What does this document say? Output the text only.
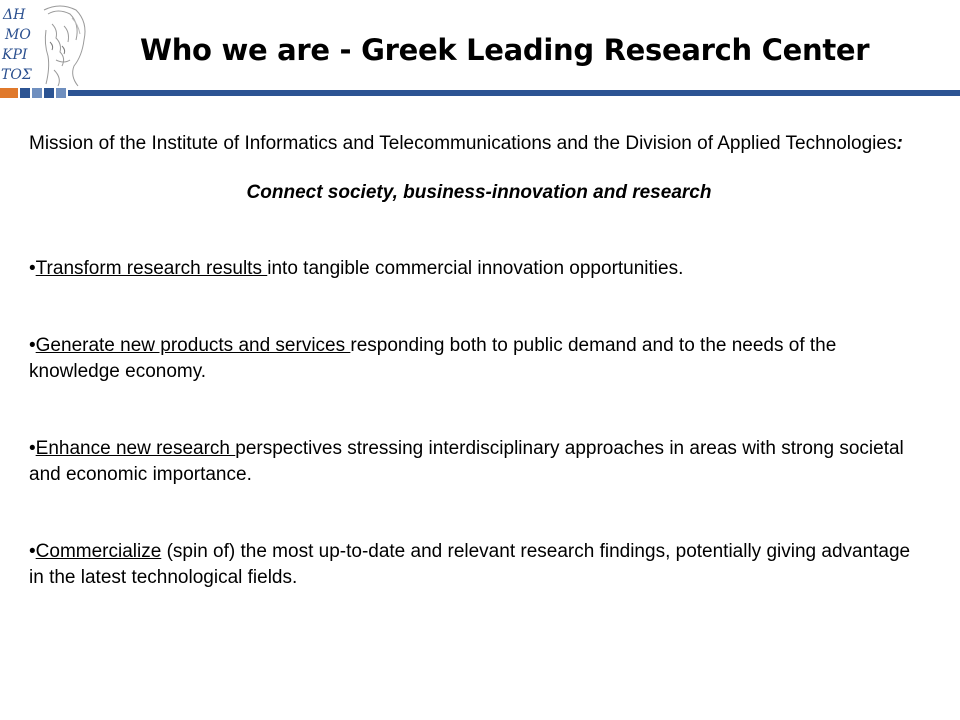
ΔΗ
ΜΟ
ΚΡΙ
ΤΟΣ
Who we are - Greek Leading Research Center

Mission of the Institute of Informatics and Telecommunications and the Division of Applied Technologies:

Connect society, business-innovation and research

•Transform research results into tangible commercial innovation opportunities.

•Generate new products and services responding both to public demand and to the needs of the knowledge economy.

•Enhance new research perspectives stressing interdisciplinary approaches in areas with strong societal and economic importance.

•Commercialize (spin of) the most up-to-date and relevant research findings, potentially giving advantage in the latest technological fields.
